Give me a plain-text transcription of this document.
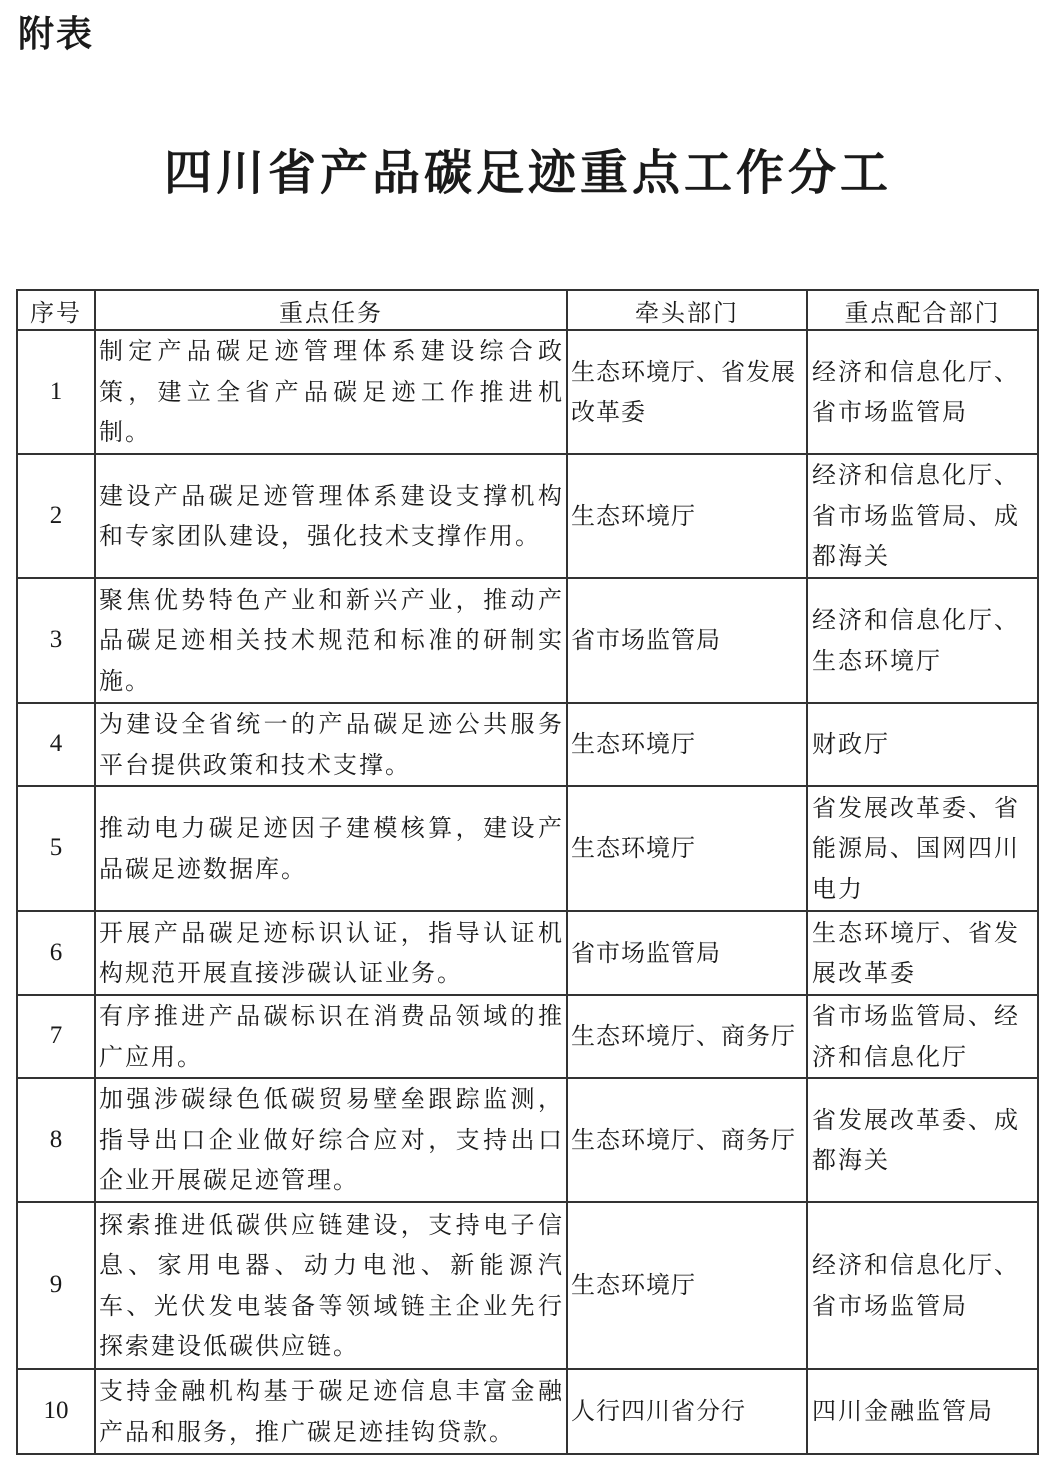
附表
四川省产品碳足迹重点工作分工
序号	重点任务	牵头部门	重点配合部门
1	制定产品碳足迹管理体系建设综合政策，建立全省产品碳足迹工作推进机制。	生态环境厅、省发展改革委	经济和信息化厅、省市场监管局
2	建设产品碳足迹管理体系建设支撑机构和专家团队建设，强化技术支撑作用。	生态环境厅	经济和信息化厅、省市场监管局、成都海关
3	聚焦优势特色产业和新兴产业，推动产品碳足迹相关技术规范和标准的研制实施。	省市场监管局	经济和信息化厅、生态环境厅
4	为建设全省统一的产品碳足迹公共服务平台提供政策和技术支撑。	生态环境厅	财政厅
5	推动电力碳足迹因子建模核算，建设产品碳足迹数据库。	生态环境厅	省发展改革委、省能源局、国网四川电力
6	开展产品碳足迹标识认证，指导认证机构规范开展直接涉碳认证业务。	省市场监管局	生态环境厅、省发展改革委
7	有序推进产品碳标识在消费品领域的推广应用。	生态环境厅、商务厅	省市场监管局、经济和信息化厅
8	加强涉碳绿色低碳贸易壁垒跟踪监测，指导出口企业做好综合应对，支持出口企业开展碳足迹管理。	生态环境厅、商务厅	省发展改革委、成都海关
9	探索推进低碳供应链建设，支持电子信息、家用电器、动力电池、新能源汽车、光伏发电装备等领域链主企业先行探索建设低碳供应链。	生态环境厅	经济和信息化厅、省市场监管局
10	支持金融机构基于碳足迹信息丰富金融产品和服务，推广碳足迹挂钩贷款。	人行四川省分行	四川金融监管局
